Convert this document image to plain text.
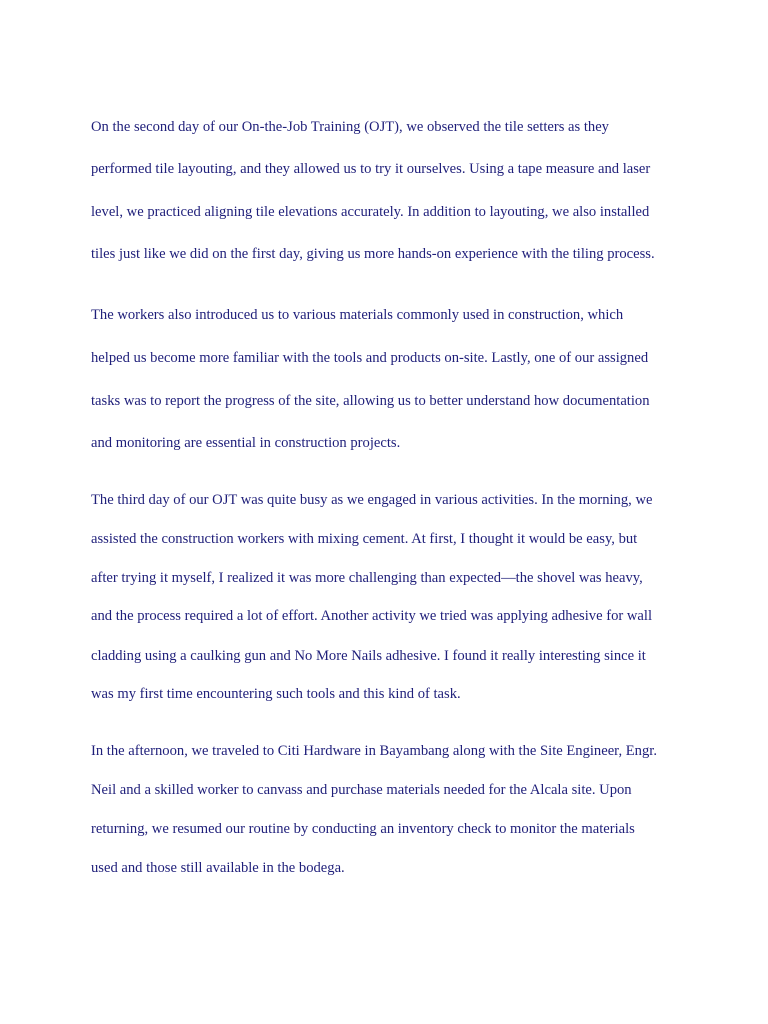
On the second day of our On-the-Job Training (OJT), we observed the tile setters as they

performed tile layouting, and they allowed us to try it ourselves. Using a tape measure and laser

level, we practiced aligning tile elevations accurately. In addition to layouting, we also installed

tiles just like we did on the first day, giving us more hands-on experience with the tiling process.

The workers also introduced us to various materials commonly used in construction, which

helped us become more familiar with the tools and products on-site. Lastly, one of our assigned

tasks was to report the progress of the site, allowing us to better understand how documentation

and monitoring are essential in construction projects.

The third day of our OJT was quite busy as we engaged in various activities. In the morning, we

assisted the construction workers with mixing cement. At first, I thought it would be easy, but

after trying it myself, I realized it was more challenging than expected—the shovel was heavy,

and the process required a lot of effort. Another activity we tried was applying adhesive for wall

cladding using a caulking gun and No More Nails adhesive. I found it really interesting since it

was my first time encountering such tools and this kind of task.

In the afternoon, we traveled to Citi Hardware in Bayambang along with the Site Engineer, Engr.

Neil and a skilled worker to canvass and purchase materials needed for the Alcala site. Upon

returning, we resumed our routine by conducting an inventory check to monitor the materials

used and those still available in the bodega.
